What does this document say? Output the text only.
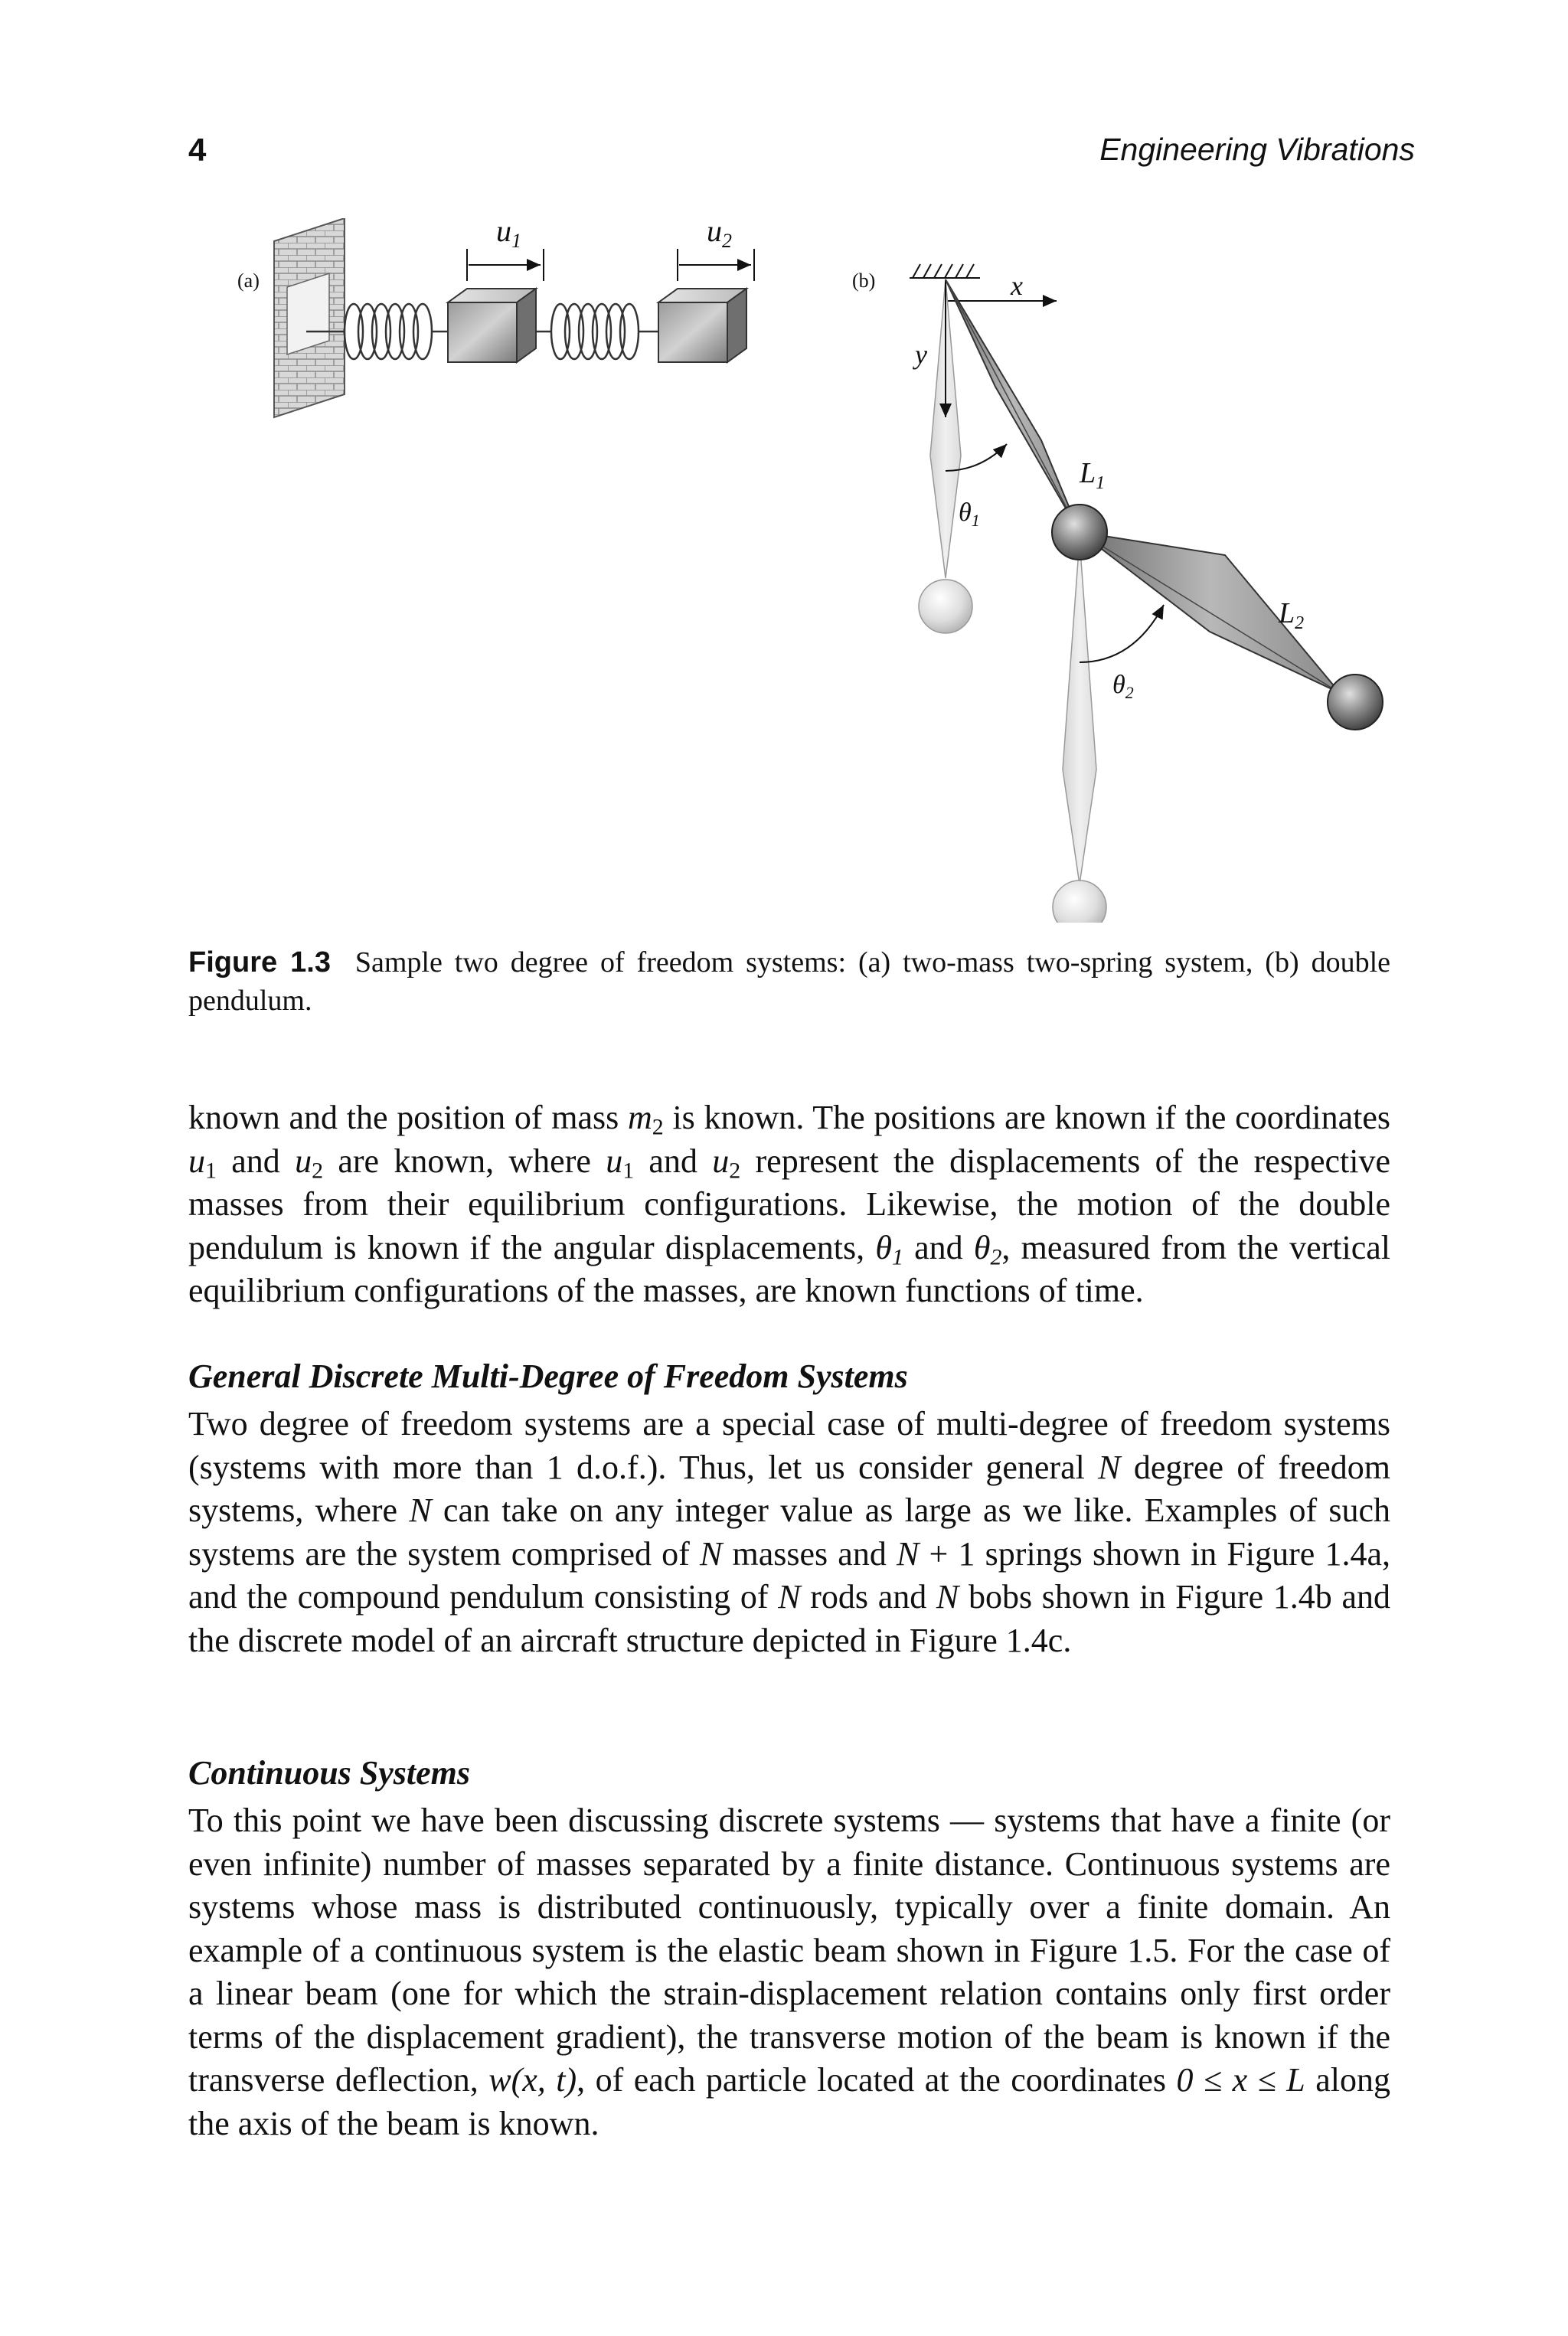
4	Engineering Vibrations
(a)
$u_1$	$u_2$
(b)	x
y
$\theta_1$
$L_1$
$\theta_2$
$L_2$
Figure 1.3 Sample two degree of freedom systems: (a) two-mass two-spring system, (b) double pendulum.

known and the position of mass $m_2$ is known. The positions are known if the coordinates $u_1$ and $u_2$ are known, where $u_1$ and $u_2$ represent the displacements of the respective masses from their equilibrium configurations. Likewise, the motion of the double pendulum is known if the angular displacements, $\theta_1$ and $\theta_2$, measured from the vertical equilibrium configurations of the masses, are known functions of time.

General Discrete Multi-Degree of Freedom Systems

Two degree of freedom systems are a special case of multi-degree of freedom systems (systems with more than 1 d.o.f.). Thus, let us consider general N degree of freedom systems, where N can take on any integer value as large as we like. Examples of such systems are the system comprised of N masses and N + 1 springs shown in Figure 1.4a, and the compound pendulum consisting of N rods and N bobs shown in Figure 1.4b and the discrete model of an aircraft structure depicted in Figure 1.4c.

Continuous Systems

To this point we have been discussing discrete systems — systems that have a finite (or even infinite) number of masses separated by a finite distance. Continuous systems are systems whose mass is distributed continuously, typically over a finite domain. An example of a continuous system is the elastic beam shown in Figure 1.5. For the case of a linear beam (one for which the strain-displacement relation contains only first order terms of the displacement gradient), the transverse motion of the beam is known if the transverse deflection, w(x, t), of each particle located at the coordinates 0 ≤ x ≤ L along the axis of the beam is known.
